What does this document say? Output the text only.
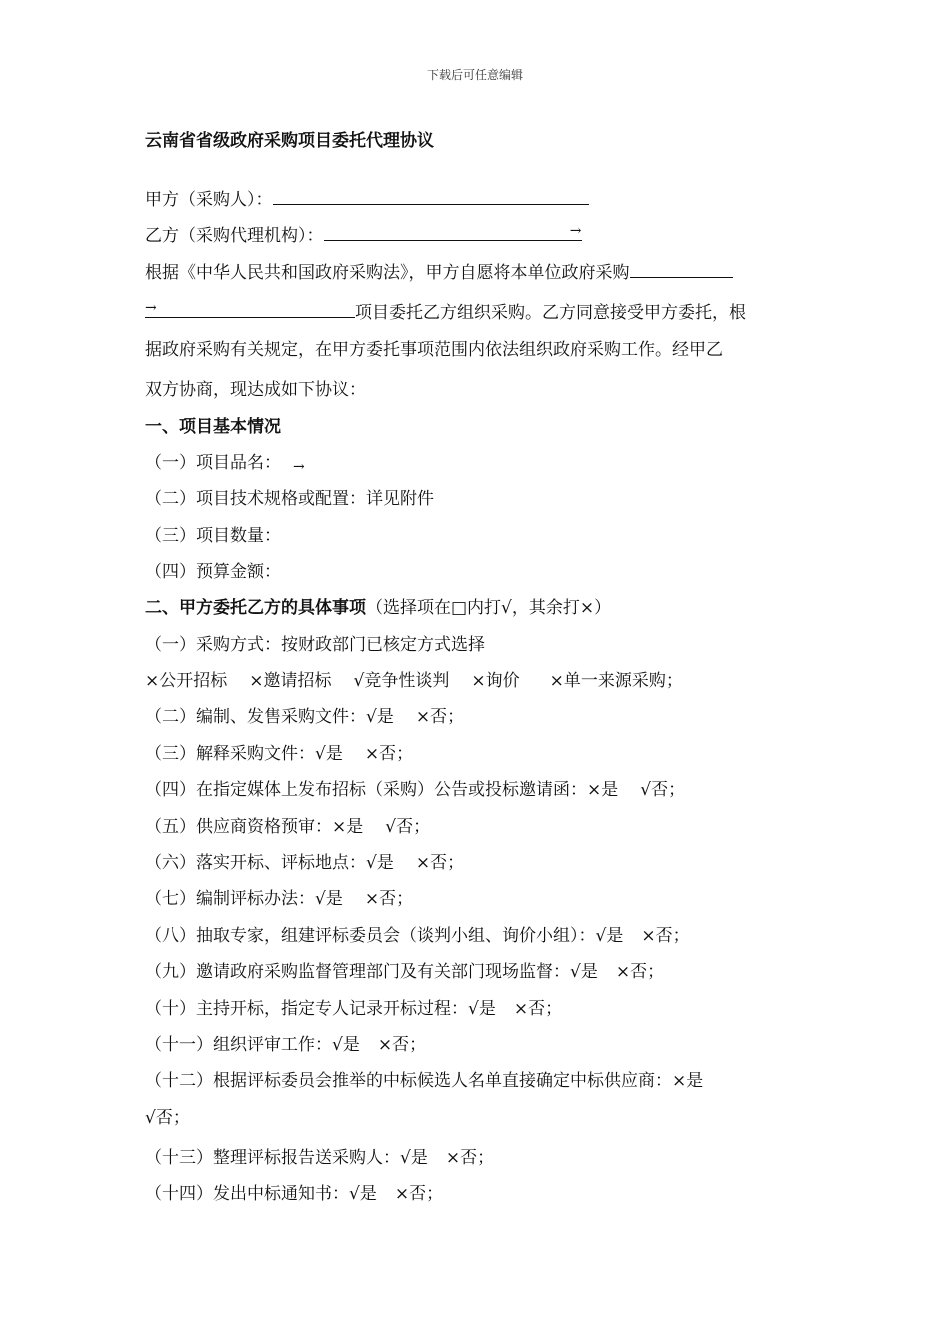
下载后可任意编辑
云南省省级政府采购项目委托代理协议
甲方（采购人）：
乙方（采购代理机构）：	→
根据《中华人民共和国政府采购法》，甲方自愿将本单位政府采购
→	项目委托乙方组织采购。乙方同意接受甲方委托，根
据政府采购有关规定，在甲方委托事项范围内依法组织政府采购工作。经甲乙
双方协商，现达成如下协议：
一、项目基本情况
（一）项目品名： →
（二）项目技术规格或配置：详见附件
（三）项目数量：
（四）预算金额：
二、甲方委托乙方的具体事项（选择项在□内打√，其余打×）
（一）采购方式：按财政部门已核定方式选择
×公开招标 ×邀请招标 √竞争性谈判 ×询价 ×单一来源采购；
（二）编制、发售采购文件：√是 ×否；
（三）解释采购文件：√是 ×否；
（四）在指定媒体上发布招标（采购）公告或投标邀请函：×是 √否；
（五）供应商资格预审：×是 √否；
（六）落实开标、评标地点：√是 ×否；
（七）编制评标办法：√是 ×否；
（八）抽取专家，组建评标委员会（谈判小组、询价小组）：√是 ×否；
（九）邀请政府采购监督管理部门及有关部门现场监督：√是 ×否；
（十）主持开标，指定专人记录开标过程：√是 ×否；
（十一）组织评审工作：√是 ×否；
（十二）根据评标委员会推举的中标候选人名单直接确定中标供应商：×是
√否；
（十三）整理评标报告送采购人：√是 ×否；
（十四）发出中标通知书：√是 ×否；
